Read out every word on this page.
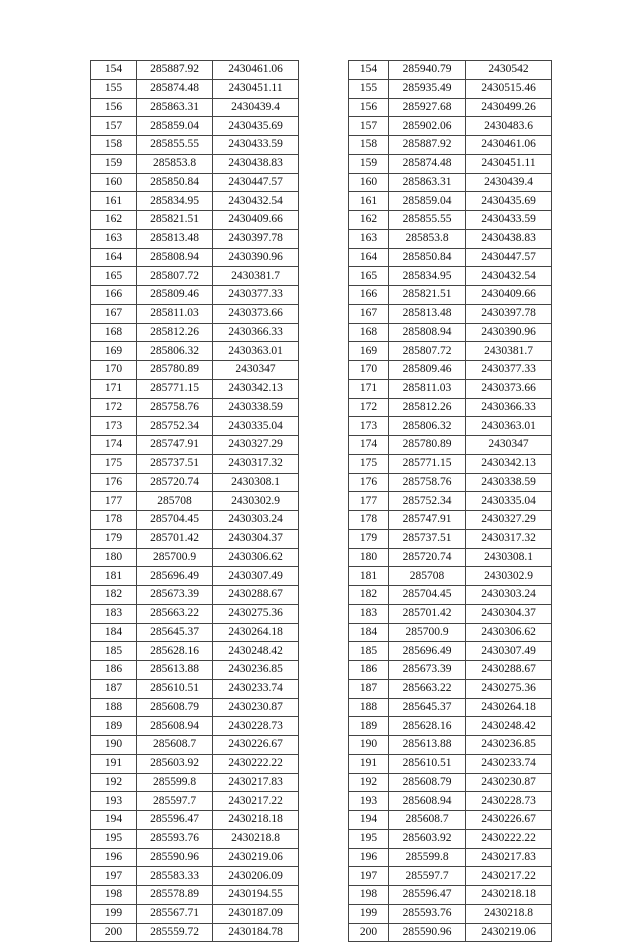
154	285887.92	2430461.06
155	285874.48	2430451.11
156	285863.31	2430439.4
157	285859.04	2430435.69
158	285855.55	2430433.59
159	285853.8	2430438.83
160	285850.84	2430447.57
161	285834.95	2430432.54
162	285821.51	2430409.66
163	285813.48	2430397.78
164	285808.94	2430390.96
165	285807.72	2430381.7
166	285809.46	2430377.33
167	285811.03	2430373.66
168	285812.26	2430366.33
169	285806.32	2430363.01
170	285780.89	2430347
171	285771.15	2430342.13
172	285758.76	2430338.59
173	285752.34	2430335.04
174	285747.91	2430327.29
175	285737.51	2430317.32
176	285720.74	2430308.1
177	285708	2430302.9
178	285704.45	2430303.24
179	285701.42	2430304.37
180	285700.9	2430306.62
181	285696.49	2430307.49
182	285673.39	2430288.67
183	285663.22	2430275.36
184	285645.37	2430264.18
185	285628.16	2430248.42
186	285613.88	2430236.85
187	285610.51	2430233.74
188	285608.79	2430230.87
189	285608.94	2430228.73
190	285608.7	2430226.67
191	285603.92	2430222.22
192	285599.8	2430217.83
193	285597.7	2430217.22
194	285596.47	2430218.18
195	285593.76	2430218.8
196	285590.96	2430219.06
197	285583.33	2430206.09
198	285578.89	2430194.55
199	285567.71	2430187.09
200	285559.72	2430184.78
154	285940.79	2430542
155	285935.49	2430515.46
156	285927.68	2430499.26
157	285902.06	2430483.6
158	285887.92	2430461.06
159	285874.48	2430451.11
160	285863.31	2430439.4
161	285859.04	2430435.69
162	285855.55	2430433.59
163	285853.8	2430438.83
164	285850.84	2430447.57
165	285834.95	2430432.54
166	285821.51	2430409.66
167	285813.48	2430397.78
168	285808.94	2430390.96
169	285807.72	2430381.7
170	285809.46	2430377.33
171	285811.03	2430373.66
172	285812.26	2430366.33
173	285806.32	2430363.01
174	285780.89	2430347
175	285771.15	2430342.13
176	285758.76	2430338.59
177	285752.34	2430335.04
178	285747.91	2430327.29
179	285737.51	2430317.32
180	285720.74	2430308.1
181	285708	2430302.9
182	285704.45	2430303.24
183	285701.42	2430304.37
184	285700.9	2430306.62
185	285696.49	2430307.49
186	285673.39	2430288.67
187	285663.22	2430275.36
188	285645.37	2430264.18
189	285628.16	2430248.42
190	285613.88	2430236.85
191	285610.51	2430233.74
192	285608.79	2430230.87
193	285608.94	2430228.73
194	285608.7	2430226.67
195	285603.92	2430222.22
196	285599.8	2430217.83
197	285597.7	2430217.22
198	285596.47	2430218.18
199	285593.76	2430218.8
200	285590.96	2430219.06
